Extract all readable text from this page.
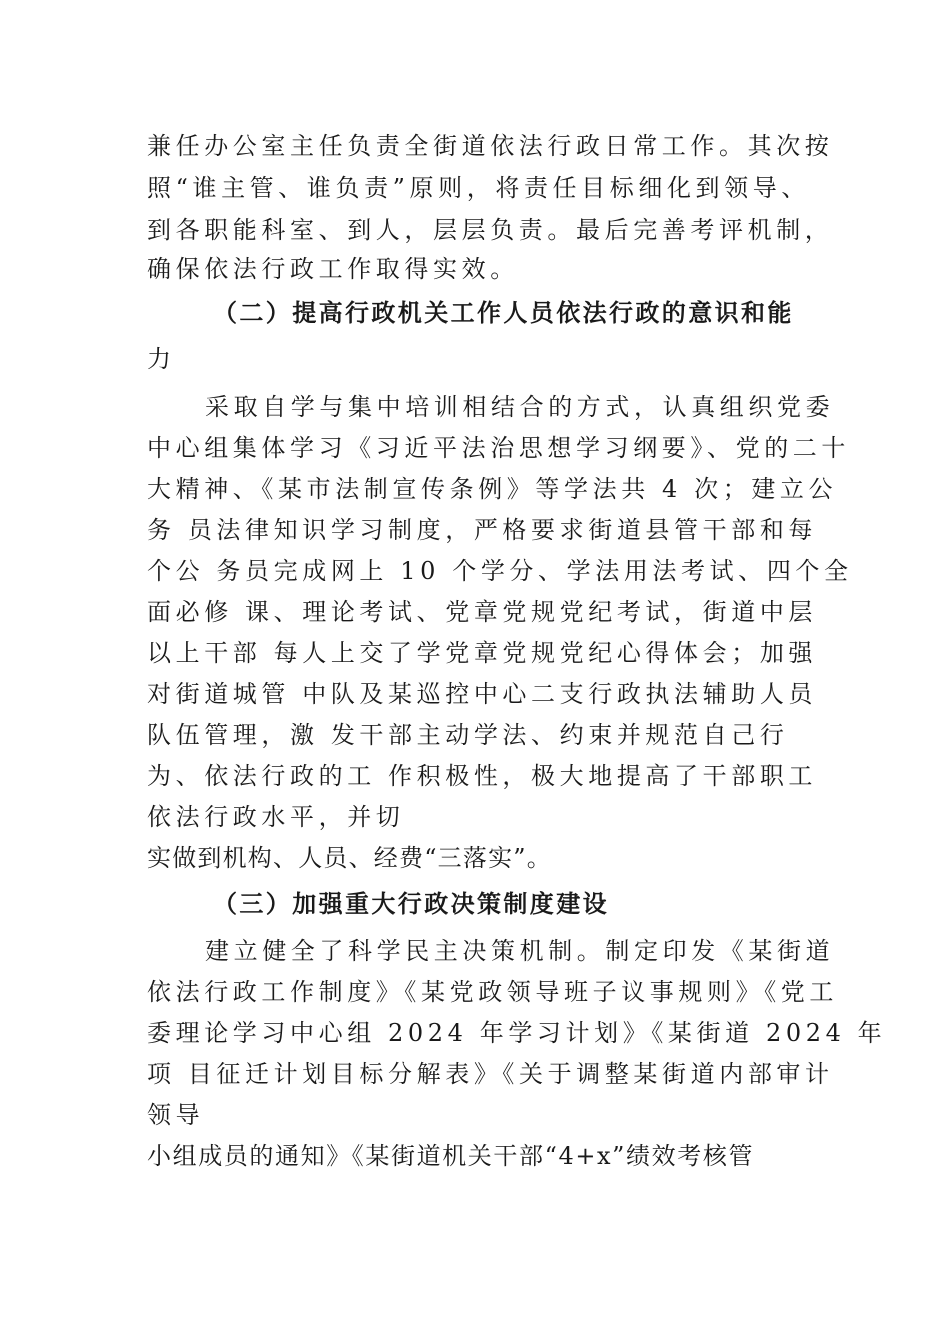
兼任办公室主任负责全街道依法行政日常工作。其次按

照“谁主管、谁负责”原则，将责任目标细化到领导、

到各职能科室、到人，层层负责。最后完善考评机制，

确保依法行政工作取得实效。

（二）提高行政机关工作人员依法行政的意识和能

力

采取自学与集中培训相结合的方式，认真组织党委

中心组集体学习《习近平法治思想学习纲要》、党的二十

大精神、《某市法制宣传条例》等学法共 4 次；建立公

务 员法律知识学习制度，严格要求街道县管干部和每

个公 务员完成网上 10 个学分、学法用法考试、四个全

面必修 课、理论考试、党章党规党纪考试，街道中层

以上干部 每人上交了学党章党规党纪心得体会；加强

对街道城管 中队及某巡控中心二支行政执法辅助人员

队伍管理，激 发干部主动学法、约束并规范自己行

为、依法行政的工 作积极性，极大地提高了干部职工

依法行政水平，并切

实做到机构、人员、经费“三落实”。

（三）加强重大行政决策制度建设

建立健全了科学民主决策机制。制定印发《某街道

依法行政工作制度》《某党政领导班子议事规则》《党工

委理论学习中心组 2024 年学习计划》《某街道 2024 年

项 目征迁计划目标分解表》《关于调整某街道内部审计

领导

小组成员的通知》《某街道机关干部“4+x”绩效考核管
